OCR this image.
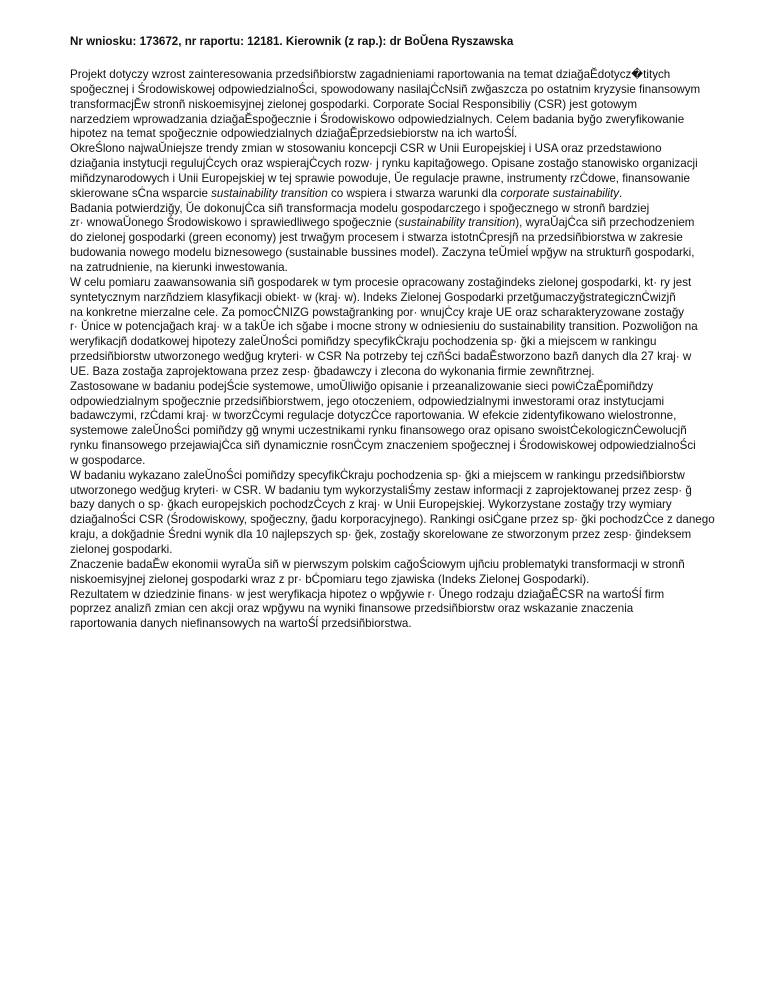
Nr wniosku: 173672, nr raportu: 12181. Kierownik (z rap.): dr BoŬena Ryszawska

Projekt dotyczy wzrost zainteresowania przedsiñbiorstw zagadnieniami raportowania na temat dziağaĔdotycz�titych
spoğecznej i Środowiskowej odpowiedzialnoŚci, spowodowany nasilajĊcNsiñ zwğaszcza po ostatnim kryzysie finansowym
transformacjĔw stronñ niskoemisyjnej zielonej gospodarki. Corporate Social Responsibiliy (CSR) jest gotowym
narzedziem wprowadzania dziağaĔspoğecznie i Środowiskowo odpowiedzialnych. Celem badania byğo zweryfikowanie
hipotez na temat spoğecznie odpowiedzialnych dziağaĔprzedsiebiorstw na ich wartoŚĺ.
OkreŚlono najwaŬniejsze trendy zmian w stosowaniu koncepcji CSR w Unii Europejskiej i USA oraz przedstawiono
dziağania instytucji regulujĊcych oraz wspierajĊcych rozw· j rynku kapitağowego. Opisane zostağo stanowisko organizacji
miñdzynarodowych i Unii Europejskiej w tej sprawie powoduje, Ŭe regulacje prawne, instrumenty rzĊdowe, finansowanie
skierowane sĊna wsparcie sustainability transition co wspiera i stwarza warunki dla corporate sustainability.
Badania potwierdziğy, Ŭe dokonujĊca siñ transformacja modelu gospodarczego i spoğecznego w stronñ bardziej
zr· wnowaŬonego Środowiskowo i sprawiedliwego spoğecznie (sustainability transition), wyraŬajĊca siñ przechodzeniem
do zielonej gospodarki (green economy) jest trwağym procesem i stwarza istotnĊpresjñ na przedsiñbiorstwa w zakresie
budowania nowego modelu biznesowego (sustainable bussines model). Zaczyna teŬmieĺ wpğyw na strukturñ gospodarki,
na zatrudnienie, na kierunki inwestowania.
W celu pomiaru zaawansowania siñ gospodarek w tym procesie opracowany zostağindeks zielonej gospodarki, kt· ry jest
syntetycznym narzñdziem klasyfikacji obiekt· w (kraj· w). Indeks Zielonej Gospodarki przetğumaczyğstrategicznĊwizjñ
na konkretne mierzalne cele. Za pomocĊNIZG powstağranking por· wnujĊcy kraje UE oraz scharakteryzowane zostağy
r· Ŭnice w potencjağach kraj· w a takŬe ich sğabe i mocne strony w odniesieniu do sustainability transition. Pozwoliğon na
weryfikacjñ dodatkowej hipotezy zaleŬnoŚci pomiñdzy specyfikĊkraju pochodzenia sp· ğki a miejscem w rankingu
przedsiñbiorstw utworzonego wedğug kryteri· w CSR Na potrzeby tej czñŚci badaĔstworzono bazñ danych dla 27 kraj· w
UE. Baza zostağa zaprojektowana przez zesp· ğbadawczy i zlecona do wykonania firmie zewnñtrznej.
Zastosowane w badaniu podejŚcie systemowe, umoŬliwiğo opisanie i przeanalizowanie sieci powiĊzaĔpomiñdzy
odpowiedzialnym spoğecznie przedsiñbiorstwem, jego otoczeniem, odpowiedzialnymi inwestorami oraz instytucjami
badawczymi, rzĊdami kraj· w tworzĊcymi regulacje dotyczĊce raportowania. W efekcie zidentyfikowano wielostronne,
systemowe zaleŬnoŚci pomiñdzy gğ wnymi uczestnikami rynku finansowego oraz opisano swoistĊekologicznĊewolucjñ
rynku finansowego przejawiajĊca siñ dynamicznie rosnĊcym znaczeniem spoğecznej i Środowiskowej odpowiedzialnoŚci
w gospodarce.
W badaniu wykazano zaleŬnoŚci pomiñdzy specyfikĊkraju pochodzenia sp· ğki a miejscem w rankingu przedsiñbiorstw
utworzonego wedğug kryteri· w CSR. W badaniu tym wykorzystaliŚmy zestaw informacji z zaprojektowanej przez zesp· ğ
bazy danych o sp· ğkach europejskich pochodzĊcych z kraj· w Unii Europejskiej. Wykorzystane zostağy trzy wymiary
dziağalnoŚci CSR (Środowiskowy, spoğeczny, ğadu korporacyjnego). Rankingi osiĊgane przez sp· ğki pochodzĊce z danego
kraju, a dokğadnie Średni wynik dla 10 najlepszych sp· ğek, zostağy skorelowane ze stworzonym przez zesp· ğindeksem
zielonej gospodarki.
Znaczenie badaĔw ekonomii wyraŬa siñ w pierwszym polskim cağoŚciowym ujñciu problematyki transformacji w stronñ
niskoemisyjnej zielonej gospodarki wraz z pr· bĊpomiaru tego zjawiska (Indeks Zielonej Gospodarki).
Rezultatem w dziedzinie finans· w jest weryfikacja hipotez o wpğywie r· Ŭnego rodzaju dziağaĔCSR na wartoŚĺ firm
poprzez analizñ zmian cen akcji oraz wpğywu na wyniki finansowe przedsiñbiorstw oraz wskazanie znaczenia
raportowania danych niefinansowych na wartoŚĺ przedsiñbiorstwa.
